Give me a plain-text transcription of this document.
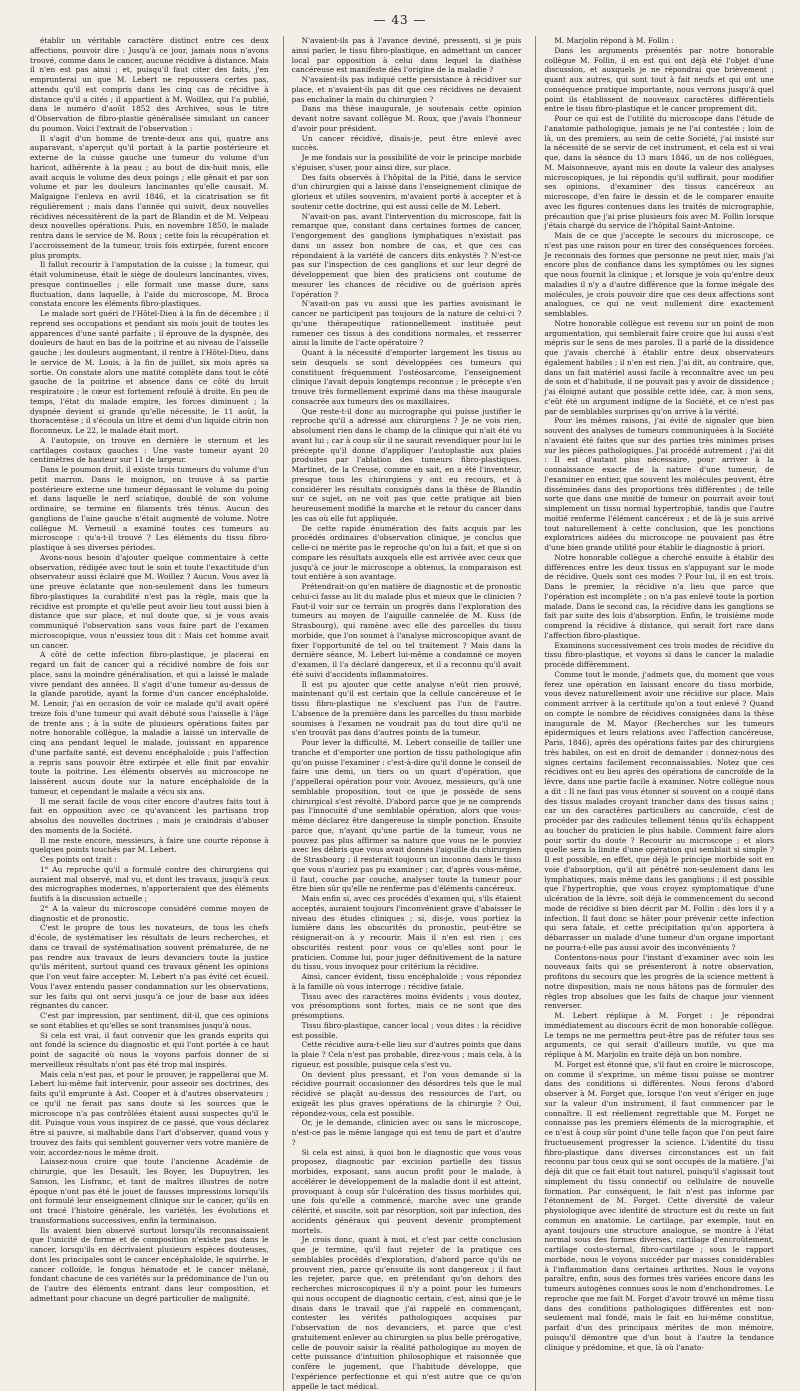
— 43 —

établir un véritable caractère distinct entre ces deux affections, pouvoir dire : Jusqu'à ce jour, jamais nous n'avons trouvé, comme dans le cancer, aucune récidive à distance. Mais il n'en est pas ainsi ; et, puisqu'il faut citer des faits, j'en emprunterai un que M. Lebert ne repoussera certes pas, attendu qu'il est compris dans les cinq cas de récidive à distance qu'il a cités ; il appartient à M. Woillez, qui l'a publié, dans le numéro d'août 1852 des Archives, sous le titre d'Observation de fibro-plastie généralisée simulant un cancer du poumon. Voici l'extrait de l'observation :

Il s'agit d'un homme de trente-deux ans qui, quatre ans auparavant, s'aperçut qu'il portait à la partie postérieure et externe de la cuisse gauche une tumeur du volume d'un haricot, adhérente à la peau ; au bout de dix-huit mois, elle avait acquis le volume des deux poings ; elle gênait et par son volume et par les douleurs lancinantes qu'elle causait. M. Malgaigne l'enleva en avril 1846, et la cicatrisation se fit régulièrement ; mais dans l'année qui suivit, deux nouvelles récidives nécessitèrent de la part de Blandin et de M. Velpeau deux nouvelles opérations. Puis, en novembre 1850, le malade rentra dans le service de M. Roux ; cette fois la récupération et l'accroissement de la tumeur, trois fois extirpée, furent encore plus prompts.

Il fallut recourir à l'amputation de la cuisse ; la tumeur, qui était volumineuse, était le siège de douleurs lancinantes, vives, presque continuelles ; elle formait une masse dure, sans fluctuation, dans laquelle, à l'aide du microscope, M. Broca constata encore les éléments fibro-plastiques.

Le malade sort guéri de l'Hôtel-Dieu à la fin de décembre ; il reprend ses occupations et pendant six mois jouit de toutes les apparences d'une santé parfaite ; il éprouve de la dyspnée, des douleurs de haut en bas de la poitrine et au niveau de l'aisselle gauche ; les douleurs augmentant, il rentre à l'Hôtel-Dieu, dans le service de M. Louis, à la fin de juillet, six mois après sa sortie. On constate alors une matité complète dans tout le côté gauche de la poitrine et absence dans ce côté du bruit respiratoire ; le cœur est fortement refoulé à droite. En peu de temps, l'état du malade empire, les forces diminuent ; la dyspnée devient si grande qu'elle nécessite, le 11 août, la thoracentèse ; il s'écoula un litre et demi d'un liquide citrin non floconneux. Le 22, le malade était mort.

A l'autopsie, on trouve en dernière le sternum et les cartilages costaux gauches : Une vaste tumeur ayant 20 centimètres de hauteur sur 11 de largeur.

Dans le poumon droit, il existe trois tumeurs du volume d'un petit marron. Dans le moignon, on trouve à sa partie postérieure externe une tumeur dépassant le volume du poing et dans laquelle le nerf sciatique, doublé de son volume ordinaire, se termine en filaments très ténus. Aucun des ganglions de l'aine gauche n'était augmenté de volume. Notre collègue M. Verneuil a examiné toutes ces tumeurs au microscope : qu'a-t-il trouvé ? Les éléments du tissu fibro-plastique à ses diverses périodes.

Avons-nous besoin d'ajouter quelque commentaire à cette observation, rédigée avec tout le soin et toute l'exactitude d'un observateur aussi éclairé que M. Woillez ? Aucun. Vous avez là une preuve éclatante que non-seulement dans les tumeurs fibro-plastiques la curabilité n'est pas la règle, mais que la récidive est prompte et qu'elle peut avoir lieu tout aussi bien à distance que sur place, et nul doute que, si je vous avais communiqué l'observation sans vous faire part de l'examen microscopique, vous n'eussiez tous dit : Mais cet homme avait un cancer.

A côté de cette infection fibro-plastique, je placerai en regard un fait de cancer qui a récidivé nombre de fois sur place, sans la moindre généralisation, et qui a laissé le malade vivre pendant des années. Il s'agit d'une tumeur au-dessus de la glande parotide, ayant la forme d'un cancer encéphaloïde. M. Lenoir, j'ai en occasion de voir ce malade qu'il avait opéré treize fois d'une tumeur qui avait débuté sous l'aisselle à l'âge de trente ans ; à la suite de plusieurs opérations faites par notre honorable collègue, la maladie a laissé un intervalle de cinq ans pendant lequel le malade, jouissant en apparence d'une parfaite santé, est devenu encéphaloïde ; puis l'affection a repris sans pouvoir être extirpée et elle finit par envahir toute la poitrine. Les éléments observés au microscope ne laissèrent aucun doute sur la nature encéphaloïde de la tumeur, et cependant le malade a vécu six ans.

Il me serait facile de vous citer encore d'autres faits tout à fait en opposition avec ce qu'avancent les partisans trop absolus des nouvelles doctrines ; mais je craindrais d'abuser des moments de la Société.

Il me reste encore, messieurs, à faire une courte réponse à quelques points touchés par M. Lebert.

Ces points ont trait :

1° Au reproche qu'il a formulé contre des chirurgiens qui auraient mal observé, mal vu, et dont les travaux, jusqu'à ceux des micrographes modernes, n'apporteraient que des éléments fautifs à la discussion actuelle ;

2° A la valeur du microscope considéré comme moyen de diagnostic et de pronostic.

C'est le propre de tous les novateurs, de tous les chefs d'école, de systématiser les résultats de leurs recherches, et dans ce travail de systématisation souvent prématurée, de ne pas rendre aux travaux de leurs devanciers toute la justice qu'ils méritent, surtout quand ces travaux gênent les opinions que l'on veut faire accepter. M. Lebert n'a pas évité cet écueil. Vous l'avez entendu passer condamnation sur les observations, sur les faits qui ont servi jusqu'à ce jour de base aux idées régnantes du cancer.

C'est par impression, par sentiment, dit-il, que ces opinions se sont établies et qu'elles se sont transmises jusqu'à nous.

Si cela est vrai, il faut convenir que les grands esprits qui ont fondé la science du diagnostic et qui l'ont portée à ce haut point de sagacité où nous la voyons parfois donner de si merveilleux résultats n'ont pas été trop mal inspirés.

Mais cela n'est pas, et pour le prouver, je rappellerai que M. Lebert lui-même fait intervenir, pour asseoir ses doctrines, des faits qu'il emprunte à Ast. Cooper et à d'autres observateurs ; ce qu'il ne ferait pas sans doute si les sources que le microscope n'a pas contrôlées étaient aussi suspectes qu'il le dit. Puisque vous vous inspirez de ce passé, que vous déclarez être si pauvre, si malhabile dans l'art d'observer, quand vous y trouvez des faits qui semblent gouverner vers votre manière de voir, accordez-nous le même droit.

Laissez-nous croire que toute l'ancienne Académie de chirurgie, que les Desault, les Boyer, les Dupuytren, les Sanson, les Lisfranc, et tant de maîtres illustres de notre époque n'ont pas été le jouet de fausses impressions lorsqu'ils ont formulé leur enseignement clinique sur le cancer, qu'ils en ont tracé l'histoire générale, les variétés, les évolutions et transformations successives, enfin la terminaison.

Ils avaient bien observé surtout lorsqu'ils reconnaissaient que l'unicité de forme et de composition n'existe pas dans le cancer, lorsqu'ils en décrivaient plusieurs espèces douteuses, dont les principales sont le cancer encéphaloïde, le squirrhe, le cancer colloïde, le fongus hématode et le cancer mélané, fondant chacune de ces variétés sur la prédominance de l'un ou de l'autre des éléments entrant dans leur composition, et admettant pour chacune un degré particulier de malignité.

N'avaient-ils pas à l'avance deviné, pressenti, si je puis ainsi parler, le tissu fibro-plastique, en admettant un cancer local par opposition à celui dans lequel la diathèse cancéreuse est manifeste dès l'origine de la maladie ?

N'avaient-ils pas indiqué cette persistance à récidiver sur place, et n'avaient-ils pas dit que ces récidives ne devaient pas enchaîner la main du chirurgien ?

Dans ma thèse inaugurale, je soutenais cette opinion devant notre savant collègue M. Roux, que j'avais l'honneur d'avoir pour président.

Un cancer récidivé, disais-je, peut être enlevé avec succès.

Je me fondais sur la possibilité de voir le principe morbide s'épuiser, s'user, pour ainsi dire, sur place.

Des faits observés à l'hôpital de la Pitié, dans le service d'un chirurgien qui a laissé dans l'enseignement clinique de glorieux et utiles souvenirs, m'avaient porté à accepter et à soutenir cette doctrine, qui est aussi celle de M. Lebert.

N'avait-on pas, avant l'intervention du microscope, fait la remarque que, constant dans certaines formes de cancer, l'engorgement des ganglions lymphatiques n'existait pas dans un assez bon nombre de cas, et que ces cas répondaient à la variété de cancers dits enkystés ? N'est-ce pas sur l'inspection de ces ganglions et sur leur degré de développement que bien des praticiens ont coutume de mesurer les chances de récidive ou de guérison après l'opération ?

N'avait-on pas vu aussi que les parties avoisinant le cancer ne participent pas toujours de la nature de celui-ci ? qu'une thérapeutique rationnellement instituée peut ramener ces tissus à des conditions normales, et resserrer ainsi la limite de l'acte opératoire ?

Quant à la nécessité d'emporter largement les tissus au sein desquels se sont développées ces tumeurs qui constituent fréquemment l'ostéosarcome, l'enseignement clinique l'avait depuis longtemps reconnue ; le précepte s'en trouve très formellement exprimé dans ma thèse inaugurale consacrée aux tumeurs des os maxillaires.

Que reste-t-il donc au micrographe qui puisse justifier le reproche qu'il a adressé aux chirurgiens ? Je ne vois rien, absolument rien dans le champ de la clinique qui n'ait été vu avant lui ; car à coup sûr il ne saurait revendiquer pour lui le précepte qu'il donne d'appliquer l'autoplastie aux plaies produites par l'ablation des tumeurs fibro-plastiques. Martinet, de la Creuse, comme en sait, en a été l'inventeur, presque tous les chirurgiens y ont eu recours, et à considérer les résultats consignés dans la thèse de Blandin sur ce sujet, on ne voit pas que cette pratique ait bien heureusement modifié la marche et le retour du cancer dans les cas où elle fut appliquée.

De cette rapide énumération des faits acquis par les procédés ordinaires d'observation clinique, je conclus que celle-ci ne mérite pas le reproche qu'on lui a fait, et que si on compare les résultats auxquels elle est arrivée avec ceux que jusqu'à ce jour le microscope a obtenus, la comparaison est tout entière à son avantage.

Prétendrait-on qu'en matière de diagnostic et de pronostic celui-ci fasse au lit du malade plus et mieux que le clinicien ? Faut-il voir sur ce terrain un progrès dans l'exploration des tumeurs au moyen de l'aiguille cannelée de M. Kuss (de Strasbourg), qui ramène avec elle des parcelles du tissu morbide, que l'on soumet à l'analyse microscopique avant de fixer l'opportunité de tel ou tel traitement ? Mais dans la dernière séance, M. Lebert lui-même a condamné ce moyen d'examen, il l'a déclaré dangereux, et il a reconnu qu'il avait été suivi d'accidents inflammatoires.

Il est pu ajouter que cette analyse n'eût rien prouvé, maintenant qu'il est certain que la cellule cancéreuse et le tissu fibro-plastique ne s'excluent pas l'un de l'autre. L'absence de la première dans les parcelles du tissu morbide soumises à l'examen ne voudrait pas du tout dire qu'il ne s'en trouvât pas dans d'autres points de la tumeur.

Pour lever la difficulté, M. Lebert conseille de tailler une tranche et d'emporter une portion de tissu pathologique afin qu'on puisse l'examiner : c'est-à-dire qu'il donne le conseil de faire une demi, un tiers ou un quart d'opération, que j'appellerai opération pour voir. Avouez, messieurs, qu'à une semblable proposition, tout ce que je possède de sens chirurgical s'est révolté. D'abord parce que je ne comprends pas l'innocuité d'une semblable opération, alors que vous-même déclarez être dangereuse la simple ponction. Ensuite parce que, n'ayant qu'une partie de la tumeur, vous ne pouvez pas plus affirmer sa nature que vous ne le pouviez avec les débris que vous avait donnés l'aiguille du chirurgien de Strasbourg ; il resterait toujours un inconnu dans le tissu que vous n'auriez pas pu examiner ; car, d'après vous-même, il faut, couche par couche, analyser toute la tumeur pour être bien sûr qu'elle ne renferme pas d'éléments cancéreux.

Mais enfin si, avec ces procédés d'examen qui, s'ils étaient acceptés, auraient toujours l'inconvénient grave d'abaisser le niveau des études cliniques ; si, dis-je, vous portiez la lumière dans les obscurités du pronostic, peut-être se résignerait-on à y recourir. Mais il n'en est rien ; ces obscurités restent pour vous ce qu'elles sont pour le praticien. Comme lui, pour juger définitivement de la nature du tissu, vous invoquez pour critérium la récidive.

Ainsi, cancer évident, tissu encéphaloïde ; vous répondez à la famille où vous interroge : récidive fatale.

Tissu avec des caractères moins évidents ; vous doutez, vos présomptions sont fortes, mais ce ne sont que des présomptions.

Tissu fibro-plastique, cancer local ; vous dites : la récidive est possible.

Cette récidive aura-t-elle lieu sur d'autres points que dans la plaie ? Cela n'est pas probable, direz-vous ; mais cela, à la rigueur, est possible, puisque cela s'est vu.

On devient plus pressant, et l'on vous demande si la récidive pourrait occasionner des désordres tels que le mal récidivé se plaçât au-dessus des ressources de l'art, ou exigeât les plus graves opérations de la chirurgie ? Oui, répondez-vous, cela est possible.

Or, je le demande, clinicien avec ou sans le microscope, n'est-ce pas le même langage qui est tenu de part et d'autre ?

Si cela est ainsi, à quoi bon le diagnostic que vous vous proposez, diagnostic par excision partielle des tissus morbides, exposant, sans aucun profit pour le malade, à accélérer le développement de la maladie dont il est atteint, provoquant à coup sûr l'ulcération des tissus morbides qui, une fois qu'elle a commencé, marche avec une grande célérité, et suscite, soit par résorption, soit par infection, des accidents généraux qui peuvent devenir promptement mortels.

Je crois donc, quant à moi, et c'est par cette conclusion que je termine, qu'il faut rejeter de la pratique ces semblables procédés d'exploration, d'abord parce qu'ils ne prouvent rien, parce qu'ensuite ils sont dangereux ; il faut les rejeter, parce que, en prétendant qu'on dehors des recherches microscopiques il n'y a point pour les tumeurs qui nous occupent de diagnostic certain, c'est, ainsi que je le disais dans le travail que j'ai rappelé en commençant, contester les vérités pathologiques acquises par l'observation de nos devanciers, et parce que c'est gratuitement enlever au chirurgien sa plus belle prérogative, celle de pouvoir saisir la réalité pathologique au moyen de cette puissance d'intuition philosophique et raisonnée que confère le jugement, que l'habitude développe, que l'expérience perfectionne et qui n'est autre que ce qu'on appelle le tact médical.

M. Marjolin répond à M. Follin :

Dans les arguments présentés par notre honorable collègue M. Follin, il en est qui ont déjà été l'objet d'une discussion, et auxquels je ne répondrai que brièvement ; quant aux autres, qui sont tout à fait neufs et qui ont une conséquence pratique importante, nous verrons jusqu'à quel point ils établissent de nouveaux caractères différentiels entre le tissu fibro-plastique et le cancer proprement dit.

Pour ce qui est de l'utilité du microscope dans l'étude de l'anatomie pathologique, jamais je ne l'ai contestée ; loin de là, un des premiers, au sein de cette Société, j'ai insisté sur la nécessité de se servir de cet instrument, et cela est si vrai que, dans la séance du 13 mars 1846, un de nos collègues, M. Maisonneuve, ayant mis en doute la valeur des analyses microscopiques, je lui répondis qu'il suffirait, pour modifier ses opinions, d'examiner des tissus cancéreux au microscope, d'en faire le dessin et de le comparer ensuite avec les figures contenues dans les traités de micrographie, précaution que j'ai prise plusieurs fois avec M. Follin lorsque j'étais chargé du service de l'hôpital Saint-Antoine.

Mais de ce que j'accepte le secours du microscope, ce n'est pas une raison pour en tirer des conséquences forcées. Je reconnais des formes que personne ne peut nier, mais j'ai encore plus de confiance dans les symptômes ou les signes que nous fournit la clinique ; et lorsque je vois qu'entre deux maladies il n'y a d'autre différence que la forme inégale des molécules, je crois pouvoir dire que ces deux affections sont analogues, ce qui ne veut nullement dire exactement semblables.

Notre honorable collègue est revenu sur un point de mon argumentation, qui semblerait faire croire que lui aussi s'est mépris sur le sens de mes paroles. Il a parlé de la dissidence que j'avais cherché à établir entre deux observateurs également habiles ; il n'en est rien. J'ai dit, au contraire, que, dans un fait matériel aussi facile à reconnaître avec un peu de soin et d'habitude, il ne pouvait pas y avoir de dissidence ; j'ai éloigné autant que possible cette idée, car, à mon sens, c'eût été un argument indigne de la Société, et ce n'est pas par de semblables surprises qu'on arrive à la vérité.

Pour les mêmes raisons, j'ai évité de signaler que bien souvent des analyses de tumeurs communiquées à la Société n'avaient été faites que sur des parties très minimes prises sur les pièces pathologiques. J'ai procédé autrement ; j'ai dit : Il est d'autant plus nécessaire, pour arriver à la connaissance exacte de la nature d'une tumeur, de l'examiner en entier, que souvent les molécules peuvent, être disséminées dans des proportions très différentes ; de telle sorte que dans une moitié de tumeur on pourrait avoir tout simplement un tissu normal hypertrophié, tandis que l'autre moitié renferme l'élément cancéreux ; et de là je suis arrivé tout naturellement à cette conclusion, que les ponctions exploratrices aidées du microscope ne pouvaient pas être d'une bien grande utilité pour établir le diagnostic à priori.

Notre honorable collègue a cherché ensuite à établir des différences entre les deux tissus en s'appuyant sur le mode de récidive. Quels sont ces modes ? Pour lui, il en est trois. Dans le premier, la récidive n'a lieu que parce que l'opération est incomplète ; on n'a pas enlevé toute la portion malade. Dans le second cas, la récidive dans les ganglions se fait par suite des lois d'absorption. Enfin, le troisième mode comprend la récidive à distance, qui serait fort rare dans l'affection fibro-plastique.

Examinons successivement ces trois modes de récidive du tissu fibro-plastique, et voyons si dans le cancer la maladie procède différemment.

Comme tout le monde, j'admets que, du moment que vous ferez une opération en laissant encore du tissu morbide, vous devez naturellement avoir une récidive sur place. Mais comment arriver à la certitude qu'on a tout enlevé ? Quand on compte le nombre de récidives consignées dans la thèse inaugurale de M. Mayor (Recherches sur les tumeurs épidermiques et leurs relations avec l'affection cancéreuse, Paris, 1846), après des opérations faites par des chirurgiens très habiles, on est en droit de demander : donnez-nous des signes certains facilement reconnaissables. Notez que ces récidives ont eu lieu après des opérations de cancroïde de la lèvre, dans une partie facile à examiner. Notre collègue nous a dit : Il ne faut pas vous étonner si souvent on a coupé dans des tissus malades croyant trancher dans des tissus sains ; car un des caractères particuliers au cancroïde, c'est de procéder par des radicules tellement ténus qu'ils échappent au toucher du praticien le plus habile. Comment faire alors pour sortir du doute ? Recourir au microscope ; et alors quelle sera la limite d'une opération qui semblait si simple ? Il est possible, en effet, que déjà le principe morbide soit en voie d'absorption, qu'il ait pénétré non-seulement dans les lymphatiques, mais même dans les ganglions ; il est possible que l'hypertrophie, que vous croyez symptomatique d'une ulcération de la lèvre, soit déjà le commencement du second mode de récidive si bien décrit par M. Follin : dès lors il y a infection. Il faut donc se hâter pour prévenir cette infection qui sera fatale, et cette précipitation qu'on apportera à débarrasser un malade d'une tumeur d'un organe important ne pourra-t-elle pas aussi avoir des inconvénients ?

Contentons-nous pour l'instant d'examiner avec soin les nouveaux faits qui se présenteront à notre observation, profitons du secours que les progrès de la science mettent à notre disposition, mais ne nous hâtons pas de formuler des règles trop absolues que les faits de chaque jour viennent renverser.

M. Lebert réplique à M. Forget : Je répondrai immédiatement au discours écrit de mon honorable collègue. Le temps ne me permettra peut-être pas de réfuter tous ses arguments, ce qui serait d'ailleurs inutile, vu que ma réplique à M. Marjolin en traite déjà un bon nombre.

M. Forget est étonné que, s'il faut en croire le microscope, on comme il s'exprime, un même tissu puisse se montrer dans des conditions si différentes. Nous ferons d'abord observer à M. Forget que, lorsque l'on veut s'ériger en juge sur la valeur d'un instrument, il faut commencer par le connaître. Il est réellement regrettable que M. Forget ne connaisse pas les premiers éléments de la micrographie, et ce n'est à coup sûr point d'une telle façon que l'on peut faire fructueusement progresser la science. L'identité du tissu fibro-plastique dans diverses circonstances est un fait reconnu par tous ceux qui se sont occupés de la matière. J'ai déjà dit que ce fait était tout naturel, puisqu'il s'agissait tout simplement du tissu connectif ou cellulaire de nouvelle formation. Par conséquent, le fait n'est pas informe par l'étonnement de M. Forget. Cette diversité de valeur physiologique avec identité de structure est du reste un fait commun en anatomie. Le cartilage, par exemple, tout en ayant toujours une structure analogue, se montre à l'état normal sous des formes diverses, cartilage d'encroûtement, cartilage costo-sternal, fibro-cartilage ; sous le rapport morbide, nous le voyons succéder par masses considérables à l'inflammation dans certaines arthrites. Nous le voyons paraître, enfin, sous des formes très variées encore dans les tumeurs autogènes connues sous le nom d'enchondromes. Le reproche que me fait M. Forget d'avoir trouvé un même tissu dans des conditions pathologiques différentes est non-seulement mal fondé, mais le fait en lui-même constitue, parfait d'un des principaux mérites de mon mémoire, puisqu'il démontre que d'un bout à l'autre la tendance clinique y prédomine, et que, là où l'anato-
